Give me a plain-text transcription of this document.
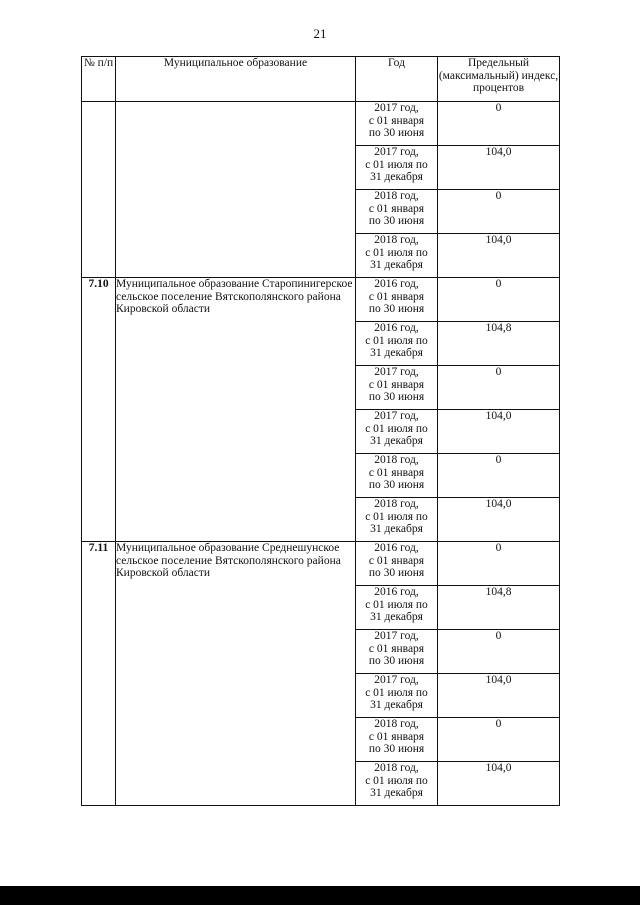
21
№ п/п	Муниципальное образование	Год	Предельный (максимальный) индекс, процентов

		2017 год,
с 01 января
по 30 июня	0

		2017 год,
с 01 июля по
31 декабря	104,0

		2018 год,
с 01 января
по 30 июня	0

		2018 год,
с 01 июля по
31 декабря	104,0
7.10	Муниципальное образование Старопинигерское сельское поселение Вятскополянского района Кировской области	2016 год,
с 01 января
по 30 июня	0

		2016 год,
с 01 июля по
31 декабря	104,8

		2017 год,
с 01 января
по 30 июня	0

		2017 год,
с 01 июля по
31 декабря	104,0

		2018 год,
с 01 января
по 30 июня	0

		2018 год,
с 01 июля по
31 декабря	104,0
7.11	Муниципальное образование Среднешунское сельское поселение Вятскополянского района Кировской области	2016 год,
с 01 января
по 30 июня	0

		2016 год,
с 01 июля по
31 декабря	104,8

		2017 год,
с 01 января
по 30 июня	0

		2017 год,
с 01 июля по
31 декабря	104,0

		2018 год,
с 01 января
по 30 июня	0

		2018 год,
с 01 июля по
31 декабря	104,0
